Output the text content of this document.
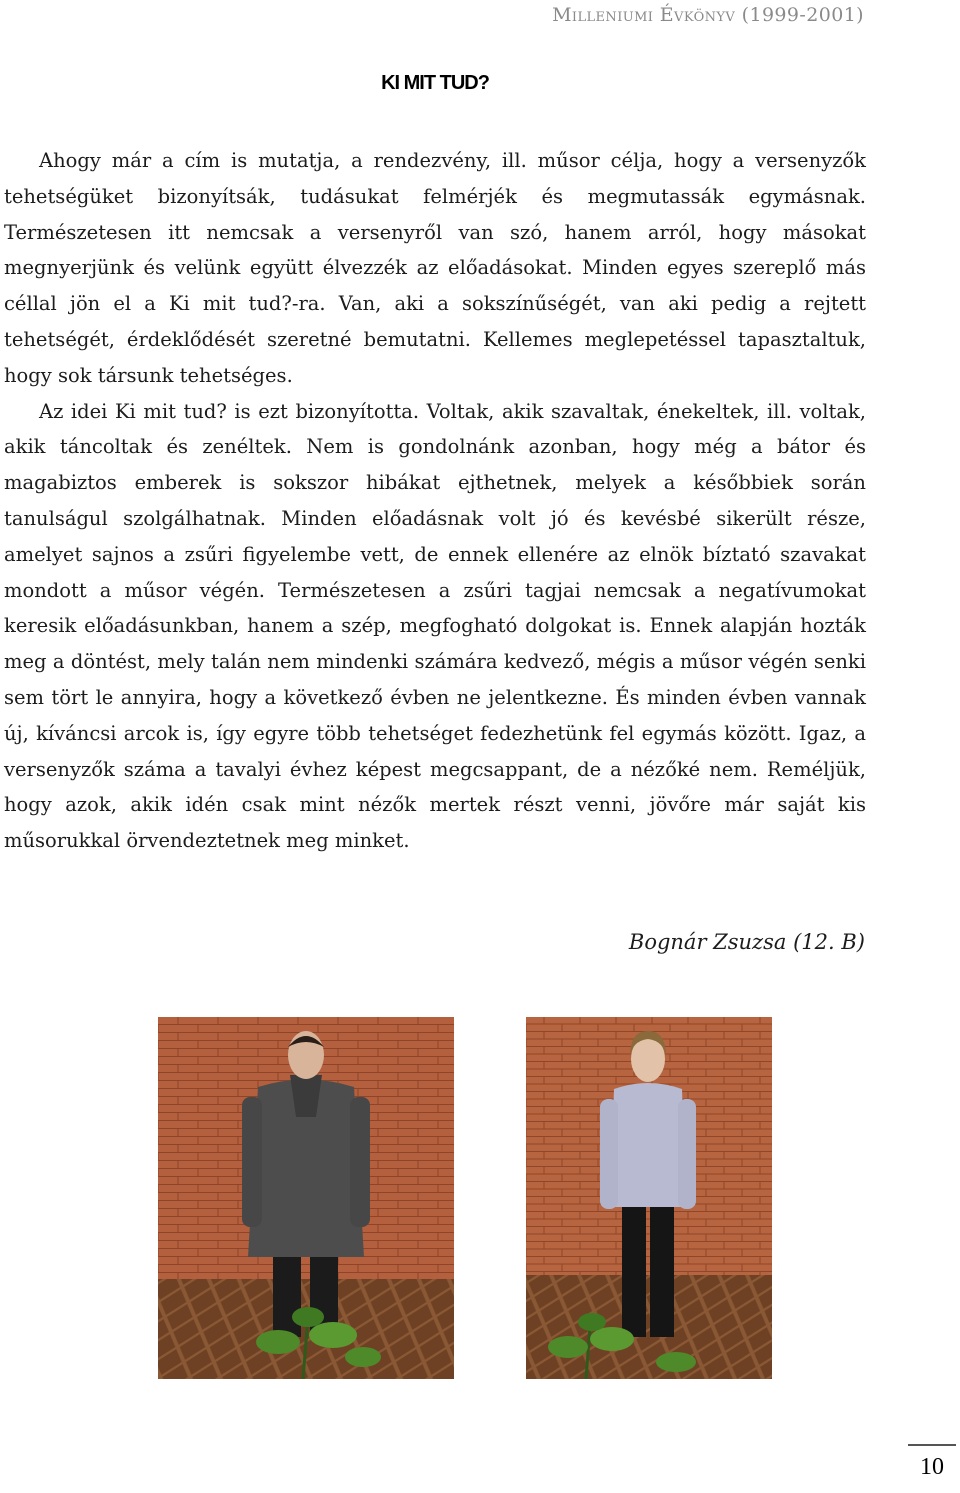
Milleniumi Évkönyv (1999-2001)
KI MIT TUD?

Ahogy már a cím is mutatja, a rendezvény, ill. műsor célja, hogy a versenyzők tehetségüket bizonyítsák, tudásukat felmérjék és megmutassák egymásnak. Természetesen itt nemcsak a versenyről van szó, hanem arról, hogy másokat megnyerjünk és velünk együtt élvezzék az előadásokat. Minden egyes szereplő más céllal jön el a Ki mit tud?-ra. Van, aki a sokszínűségét, van aki pedig a rejtett tehetségét, érdeklődését szeretné bemutatni. Kellemes meglepetéssel tapasztaltuk, hogy sok társunk tehetséges.

Az idei Ki mit tud? is ezt bizonyította. Voltak, akik szavaltak, énekeltek, ill. voltak, akik táncoltak és zenéltek. Nem is gondolnánk azonban, hogy még a bátor és magabiztos emberek is sokszor hibákat ejthetnek, melyek a későbbiek során tanulságul szolgálhatnak. Minden előadásnak volt jó és kevésbé sikerült része, amelyet sajnos a zsűri figyelembe vett, de ennek ellenére az elnök bíztató szavakat mondott a műsor végén. Természetesen a zsűri tagjai nemcsak a negatívumokat keresik előadásunkban, hanem a szép, megfogható dolgokat is. Ennek alapján hozták meg a döntést, mely talán nem mindenki számára kedvező, mégis a műsor végén senki sem tört le annyira, hogy a következő évben ne jelentkezne. És minden évben vannak új, kíváncsi arcok is, így egyre több tehetséget fedezhetünk fel egymás között. Igaz, a versenyzők száma a tavalyi évhez képest megcsappant, de a nézőké nem. Reméljük, hogy azok, akik idén csak mint nézők mertek részt venni, jövőre már saját kis műsorukkal örvendeztetnek meg minket.

Bognár Zsuzsa (12. B)
10
